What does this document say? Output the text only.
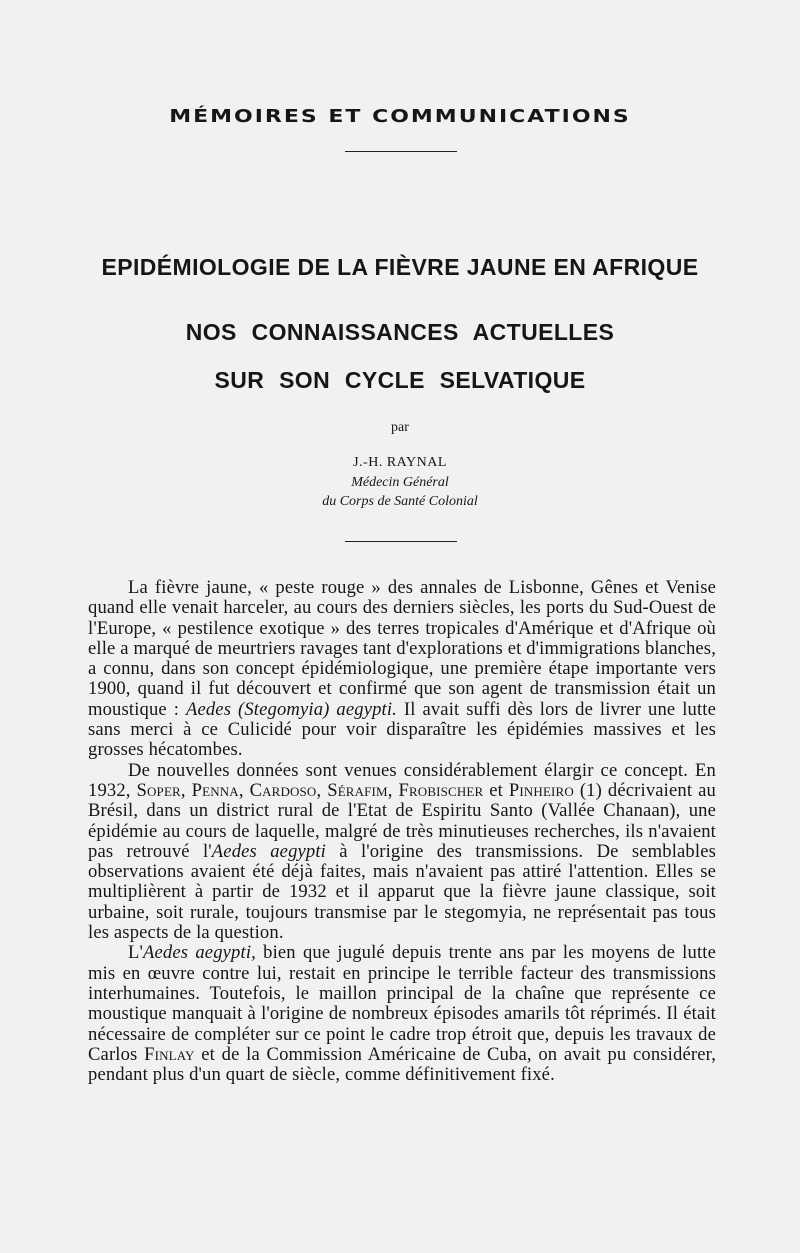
MÉMOIRES ET COMMUNICATIONS
EPIDÉMIOLOGIE DE LA FIÈVRE JAUNE EN AFRIQUE
NOS CONNAISSANCES ACTUELLES
SUR SON CYCLE SELVATIQUE
par
J.-H. RAYNAL
Médecin Général
du Corps de Santé Colonial

La fièvre jaune, « peste rouge » des annales de Lisbonne, Gênes et Venise quand elle venait harceler, au cours des derniers siècles, les ports du Sud-Ouest de l'Europe, « pestilence exotique » des terres tropicales d'Amérique et d'Afrique où elle a marqué de meurtriers ravages tant d'explorations et d'immigrations blanches, a connu, dans son concept épidémiologique, une première étape importante vers 1900, quand il fut découvert et confirmé que son agent de transmission était un moustique : Aedes (Stegomyia) aegypti. Il avait suffi dès lors de livrer une lutte sans merci à ce Culicidé pour voir disparaître les épidémies massives et les grosses hécatombes.

De nouvelles données sont venues considérablement élargir ce concept. En 1932, Soper, Penna, Cardoso, Sérafim, Frobischer et Pinheiro (1) décrivaient au Brésil, dans un district rural de l'Etat de Espiritu Santo (Vallée Chanaan), une épidémie au cours de laquelle, malgré de très minutieuses recherches, ils n'avaient pas retrouvé l'Aedes aegypti à l'origine des transmissions. De semblables observations avaient été déjà faites, mais n'avaient pas attiré l'attention. Elles se multiplièrent à partir de 1932 et il apparut que la fièvre jaune classique, soit urbaine, soit rurale, toujours transmise par le stegomyia, ne représentait pas tous les aspects de la question.

L'Aedes aegypti, bien que jugulé depuis trente ans par les moyens de lutte mis en œuvre contre lui, restait en principe le terrible facteur des transmissions interhumaines. Toutefois, le maillon principal de la chaîne que représente ce moustique manquait à l'origine de nombreux épisodes amarils tôt réprimés. Il était nécessaire de compléter sur ce point le cadre trop étroit que, depuis les travaux de Carlos Finlay et de la Commission Américaine de Cuba, on avait pu considérer, pendant plus d'un quart de siècle, comme définitivement fixé.
